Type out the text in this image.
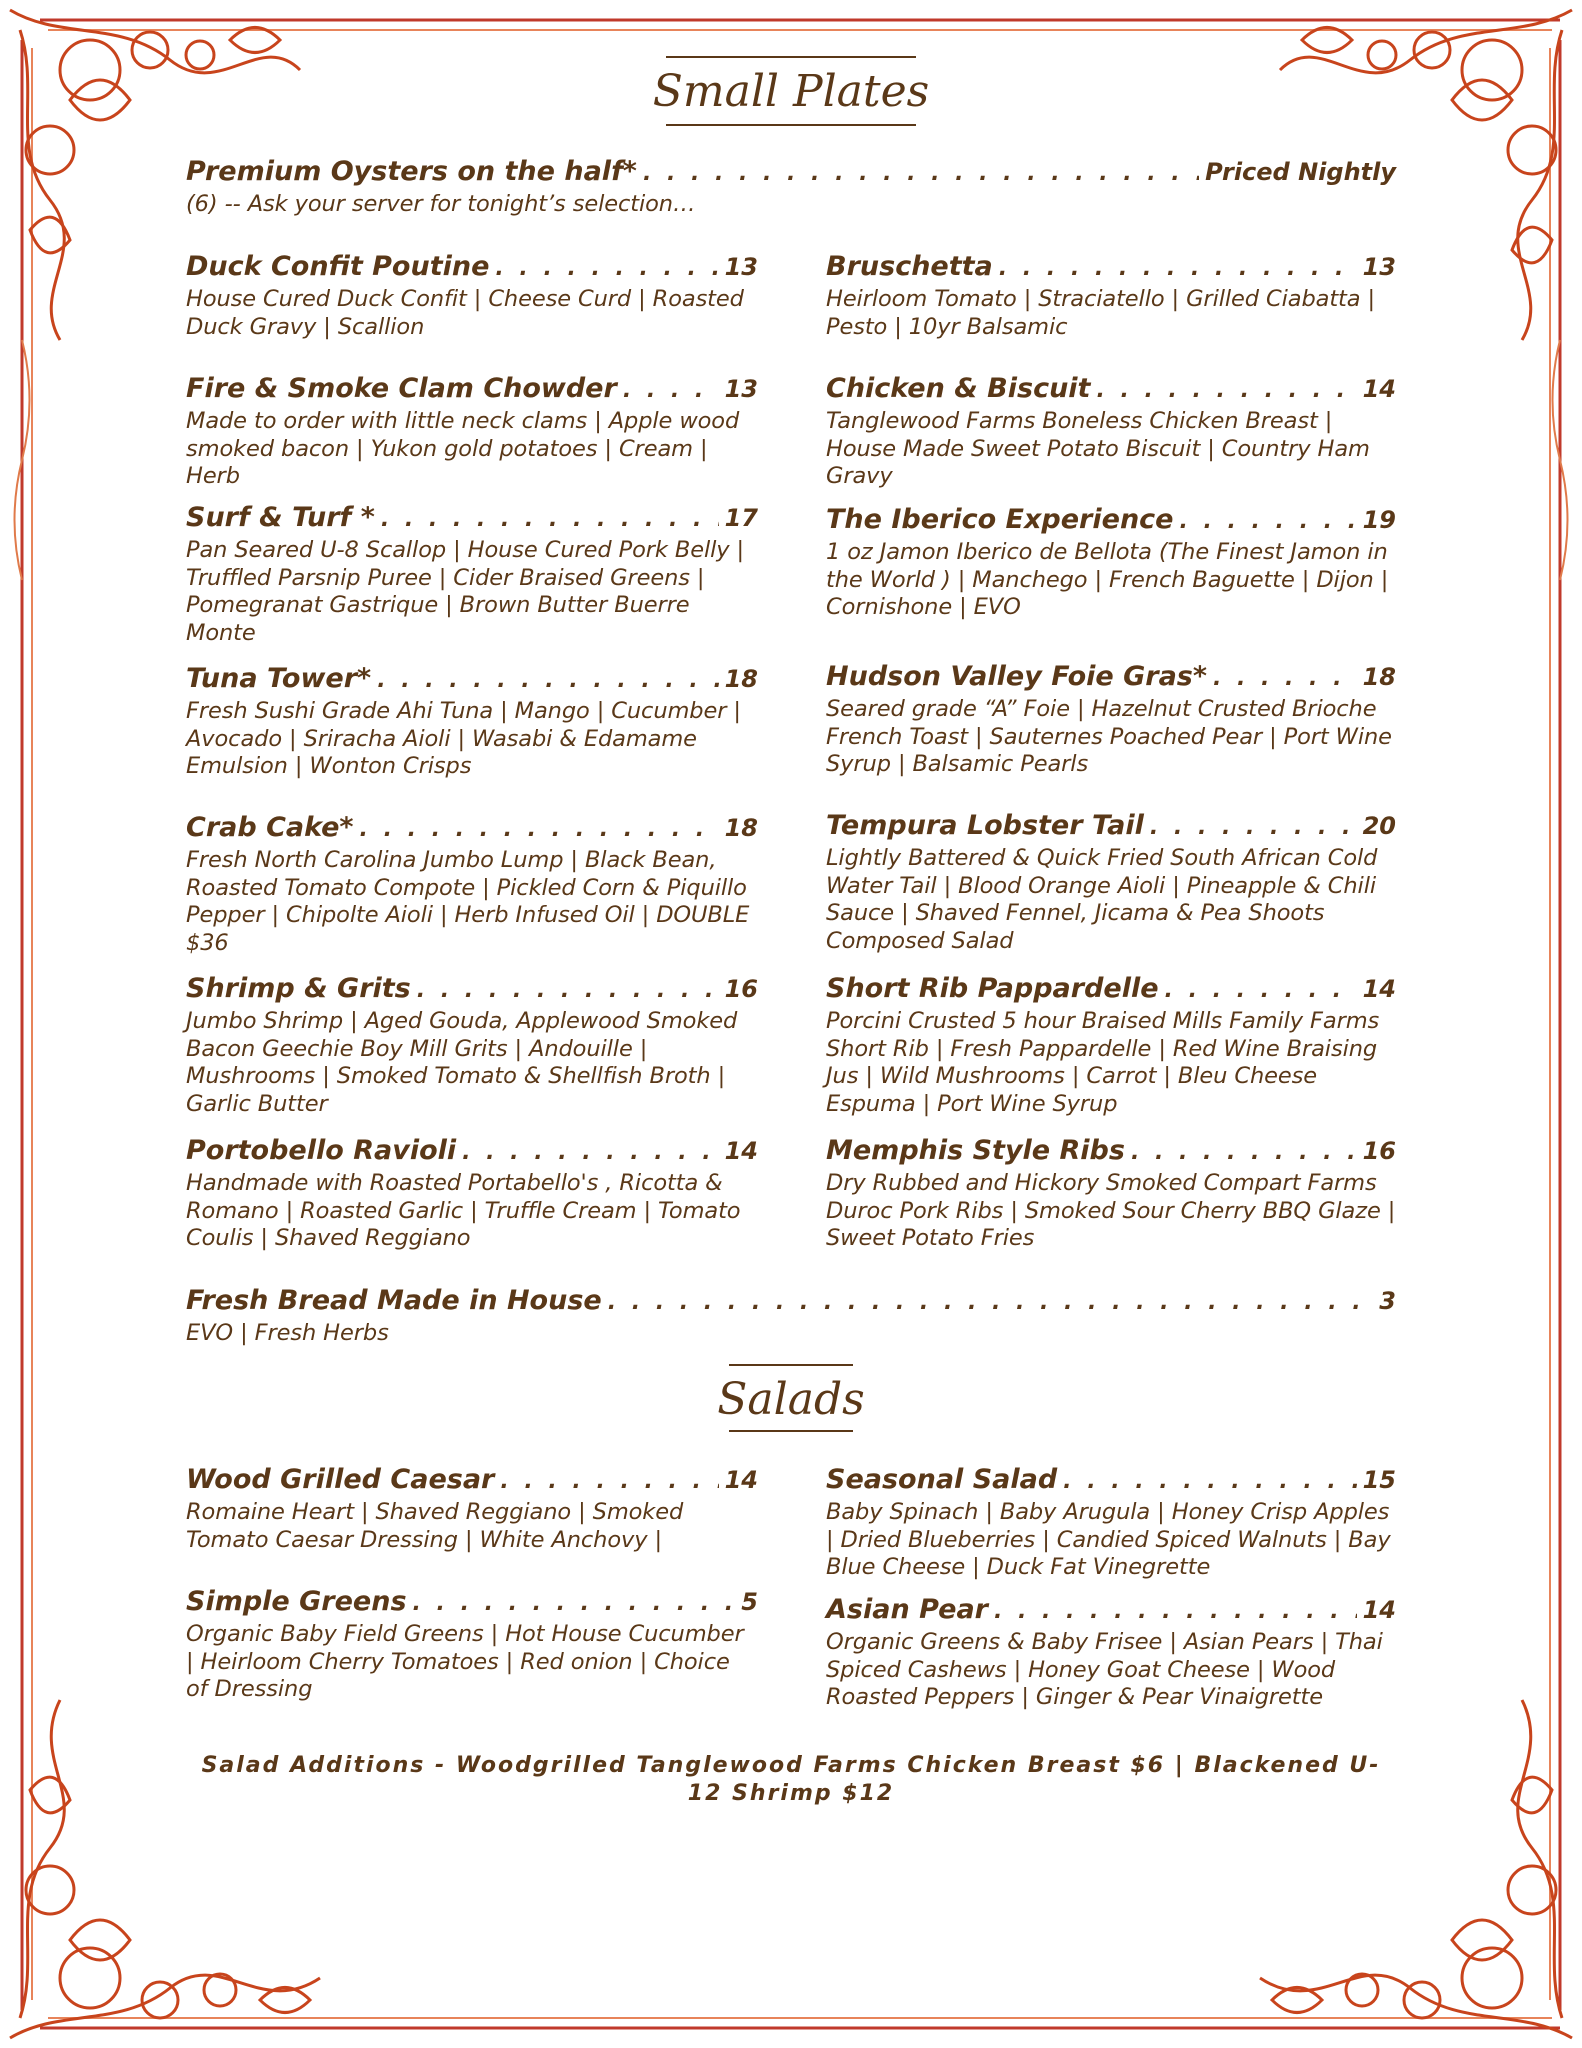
Small Plates
Premium Oysters on the half* . . .	Priced Nightly
(6) -- Ask your server for tonight’s selection…
Duck Confit Poutine . . .	13
House Cured Duck Confit | Cheese Curd | Roasted Duck Gravy | Scallion
Bruschetta . . .	13
Heirloom Tomato | Straciatello | Grilled Ciabatta | Pesto | 10yr Balsamic
Fire & Smoke Clam Chowder . . .	13
Made to order with little neck clams | Apple wood smoked bacon | Yukon gold potatoes | Cream | Herb
Chicken & Biscuit . . .	14
Tanglewood Farms Boneless Chicken Breast | House Made Sweet Potato Biscuit | Country Ham Gravy
Surf & Turf * . . .	17
Pan Seared U-8 Scallop | House Cured Pork Belly | Truffled Parsnip Puree | Cider Braised Greens | Pomegranat Gastrique | Brown Butter Buerre Monte
The Iberico Experience . . .	19
1 oz Jamon Iberico de Bellota (The Finest Jamon in the World ) | Manchego | French Baguette | Dijon | Cornishone | EVO
Tuna Tower* . . .	18
Fresh Sushi Grade Ahi Tuna | Mango | Cucumber | Avocado | Sriracha Aioli | Wasabi & Edamame Emulsion | Wonton Crisps
Hudson Valley Foie Gras* . . .	18
Seared grade “A” Foie | Hazelnut Crusted Brioche French Toast | Sauternes Poached Pear | Port Wine Syrup | Balsamic Pearls
Crab Cake* . . .	18
Fresh North Carolina Jumbo Lump | Black Bean, Roasted Tomato Compote | Pickled Corn & Piquillo Pepper | Chipolte Aioli | Herb Infused Oil | DOUBLE $36
Tempura Lobster Tail . . .	20
Lightly Battered & Quick Fried South African Cold Water Tail | Blood Orange Aioli | Pineapple & Chili Sauce | Shaved Fennel, Jicama & Pea Shoots Composed Salad
Shrimp & Grits . . .	16
Jumbo Shrimp | Aged Gouda, Applewood Smoked Bacon Geechie Boy Mill Grits | Andouille | Mushrooms | Smoked Tomato & Shellfish Broth | Garlic Butter
Short Rib Pappardelle . . .	14
Porcini Crusted 5 hour Braised Mills Family Farms Short Rib | Fresh Pappardelle | Red Wine Braising Jus | Wild Mushrooms | Carrot | Bleu Cheese Espuma | Port Wine Syrup
Portobello Ravioli . . .	14
Handmade with Roasted Portabello's , Ricotta & Romano | Roasted Garlic | Truffle Cream | Tomato Coulis | Shaved Reggiano
Memphis Style Ribs . . .	16
Dry Rubbed and Hickory Smoked Compart Farms Duroc Pork Ribs | Smoked Sour Cherry BBQ Glaze | Sweet Potato Fries
Fresh Bread Made in House . . .	3
EVO | Fresh Herbs
Salads
Wood Grilled Caesar . . .	14
Romaine Heart | Shaved Reggiano | Smoked Tomato Caesar Dressing | White Anchovy |
Seasonal Salad . . .	15
Baby Spinach | Baby Arugula | Honey Crisp Apples | Dried Blueberries | Candied Spiced Walnuts | Bay Blue Cheese | Duck Fat Vinegrette
Simple Greens . . .	5
Organic Baby Field Greens | Hot House Cucumber | Heirloom Cherry Tomatoes | Red onion | Choice of Dressing
Asian Pear . . .	14
Organic Greens & Baby Frisee | Asian Pears | Thai Spiced Cashews | Honey Goat Cheese | Wood Roasted Peppers | Ginger & Pear Vinaigrette
Salad Additions - Woodgrilled Tanglewood Farms Chicken Breast $6 | Blackened U-12 Shrimp $12
